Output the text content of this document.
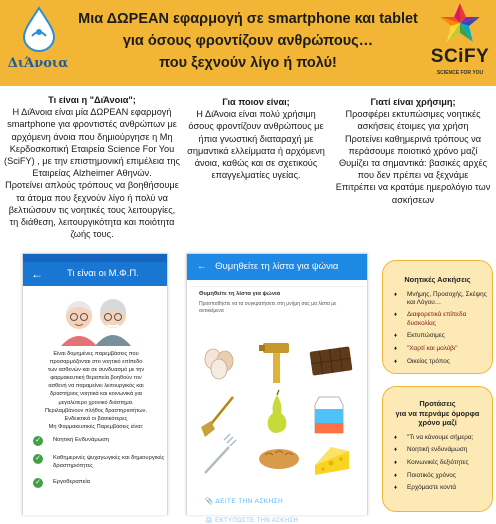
ΔιΆνοια
Μια ΔΩΡΕΑΝ εφαρμογή σε smartphone και tablet
για όσους φροντίζουν ανθρώπους…
που ξεχνούν λίγο ή πολύ!	SCiFY
SCIENCE FOR YOU

Τι είναι η "ΔιΆνοια";

Η ΔιΆνοια είναι μία ΔΩΡΕΑΝ εφαρμογή smartphone για φροντιστές ανθρώπων με αρχόμενη άνοια που δημιούργησε η Μη Κερδοσκοπική Εταιρεία Science For You (SciFY) , με την επιστημονική επιμέλεια της Εταιρείας Alzheimer Αθηνών.

Προτείνει απλούς τρόπους να βοηθήσουμε τα άτομα που ξεχνούν λίγο ή πολύ να βελτιώσουν τις νοητικές τους λειτουργίες, τη διάθεση, λειτουργικότητα και ποιότητα ζωής τους.

Για ποιον είναι;

Η ΔιΆνοια είναι πολύ χρήσιμη όσους φροντίζουν ανθρώπους με ήπια γνωστική διαταραχή με σημαντικά ελλείμματα ή αρχόμενη άνοια, καθώς και σε σχετικούς επαγγελματίες υγείας.

Γιατί είναι χρήσιμη;

Προσφέρει εκτυπώσιμες νοητικές ασκήσεις έτοιμες για χρήση

Προτείνει καθημερινά τρόπους να περάσουμε ποιοτικό χρόνο μαζί

Θυμίζει τα σημαντικά: βασικές αρχές που δεν πρέπει να ξεχνάμε

Επιτρέπει να κρατάμε ημερολόγιο των ασκήσεων

←	Τι είναι οι Μ.Φ.Π.
Είναι δομημένες παρεμβάσεις που
προσαρμόζονται στο νοητικό επίπεδο
των ασθενών και σε συνδυασμό με την
φαρμακευτική θεραπεία βοηθούν τον
ασθενή να παραμείνει λειτουργικός και
δραστήριος νοητικά και κοινωνικά για
μεγαλύτερο χρονικό διάστημα.
Περιλαμβάνουν πλήθος δραστηριοτήτων.
Ενδεικτικά οι βασικότερες
Μη Φαρμακευτικές Παρεμβάσεις είναι:
✓	Νοητική Ενδυνάμωση
✓	Καθημερινές ψυχαγωγικές και δημιουργικές δραστηριότητες
✓	Εργοθεραπεία
← Θυμηθείτε τη λίστα για ψώνια
Θυμηθείτε τη λίστα για ψώνια
Προσπαθήστε να τα συγκρατήσετε στη μνήμη σας μα λίστα με αντικείμενα
📎 ΔΕΙΤΕ ΤΗΝ ΑΣΚΗΣΗ
🖨 ΕΚΤΥΠΩΣΤΕ ΤΗΝ ΑΣΚΗΣΗ
Νοητικές Ασκήσεις
♦ Μνήμης, Προσοχής, Σκέψης και Λόγου…
♦ Διαφορετικά επίπεδα δυσκολίας
♦ Εκτυπώσιμες
♦ "Χαρτί και μολύβι"
♦ Οικείος τρόπος
Προτάσεις
για να περνάμε όμορφα
χρόνο μαζί
♦ "Τι να κάνουμε σήμερα;
♦ Νοητική ενδυνάμωση
♦ Κοινωνικές δεξιότητες
♦ Ποιοτικός χρόνος
♦ Ερχόμαστε κοντά
